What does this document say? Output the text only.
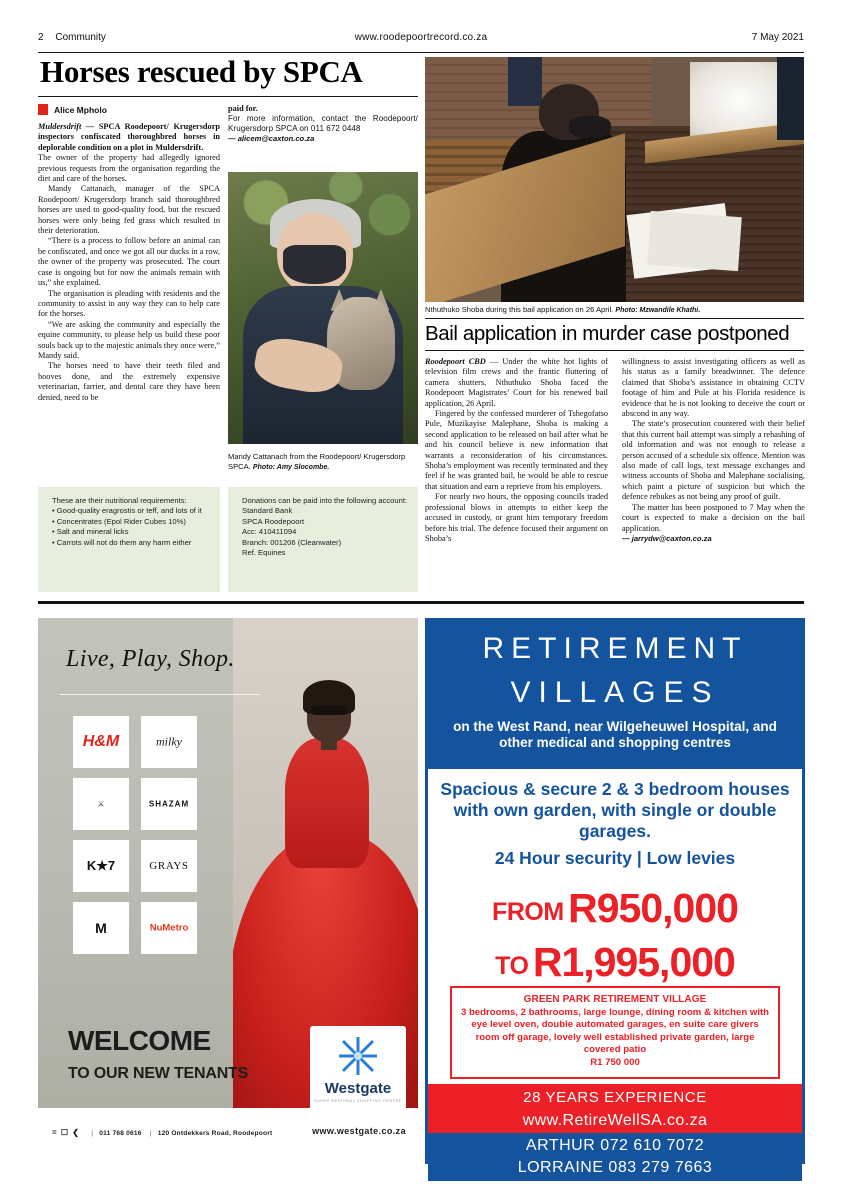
2 Community	www.roodepoortrecord.co.za	7 May 2021
Horses rescued by SPCA
Alice Mpholo

Muldersdrift — SPCA Roodepoort/ Krugersdorp inspectors confiscated thoroughbred horses in deplorable condition on a plot in Muldersdrift.

The owner of the property had allegedly ignored previous requests from the organisation regarding the diet and care of the horses.

Mandy Cattanach, manager of the SPCA Roodepoort/ Krugersdorp branch said thoroughbred horses are used to good-quality food, but the rescued horses were only being fed grass which resulted in their deterioration.

“There is a process to follow before an animal can be confiscated, and once we got all our ducks in a row, the owner of the property was prosecuted. The court case is ongoing but for now the animals remain with us,” she explained.

The organisation is pleading with residents and the community to assist in any way they can to help care for the horses.

“We are asking the community and especially the equine community, to please help us build these poor souls back up to the majestic animals they once were,” Mandy said.

The horses need to have their teeth filed and hooves done, and the extremely expensive veterinarian, farrier, and dental care they have been denied, need to be

paid for.

For more information, contact the Roodepoort/ Krugersdorp SPCA on 011 672 0448

— alicem@caxton.co.za

Mandy Cattanach from the Roodepoort/ Krugersdorp SPCA. Photo: Amy Slocombe.
These are their nutritional requirements:
• Good-quality eragrostis or teff, and lots of it
• Concentrates (Epol Rider Cubes 10%)
• Salt and mineral licks
• Carrots will not do them any harm either
Donations can be paid into the following account:
Standard Bank
SPCA Roodepoort
Acc: 410411094
Branch: 001206 (Cleanwater)
Ref. Equines
Nthuthuko Shoba during this bail application on 26 April. Photo: Mzwandile Khathi.
Bail application in murder case postponed

Roodepoort CBD — Under the white hot lights of television film crews and the frantic fluttering of camera shutters, Nthuthuko Shoba faced the Roodepoort Magistrates’ Court for his renewed bail application, 26 April.

Fingered by the confessed murderer of Tshegofatso Pule, Muzikayise Malephane, Shoba is making a second application to be released on bail after what he and his council believe is new information that warrants a reconsideration of his circumstances. Shoba’s employment was recently terminated and they feel if he was granted bail, he would be able to rescue that situation and earn a reprieve from his employers.

For nearly two hours, the opposing councils traded professional blows in attempts to either keep the accused in custody, or grant him temporary freedom before his trial. The defence focused their argument on Shoba’s

willingness to assist investigating officers as well as his status as a family breadwinner. The defence claimed that Shoba’s assistance in obtaining CCTV footage of him and Pule at his Florida residence is evidence that he is not looking to deceive the court or abscond in any way.

The state’s prosecution countered with their belief that this current bail attempt was simply a rehashing of old information and was not enough to release a person accused of a schedule six offence. Mention was also made of call logs, text message exchanges and witness accounts of Shoba and Malephane socialising, which paint a picture of suspicion but which the defence rebukes as not being any proof of guilt.

The matter has been postponed to 7 May when the court is expected to make a decision on the bail application.

— jarrydw@caxton.co.za

Live, Play, Shop.
H&M
	milky

⚔
	SHAZAM

K★7
	GRAYS

M
	NuMetro
WELCOME
TO OUR NEW TENANTS
Westgate
SUPER REGIONAL SHOPPING CENTRE
= ☐ ❮ | 011 768 0616 | 120 Ontdekkers Road, Roodepoort	www.westgate.co.za
RETIREMENT
VILLAGES
on the West Rand, near Wilgeheuwel Hospital, and other medical and shopping centres
Spacious & secure 2 & 3 bedroom houses with own garden, with single or double garages.
24 Hour security | Low levies
FROM R950,000
TO R1,995,000
GREEN PARK RETIREMENT VILLAGE
3 bedrooms, 2 bathrooms, large lounge, dining room & kitchen with eye level oven, double automated garages, en suite care givers room off garage, lovely well established private garden, large covered patio
R1 750 000
28 YEARS EXPERIENCE
www.RetireWellSA.co.za
ARTHUR 072 610 7072
LORRAINE 083 279 7663
